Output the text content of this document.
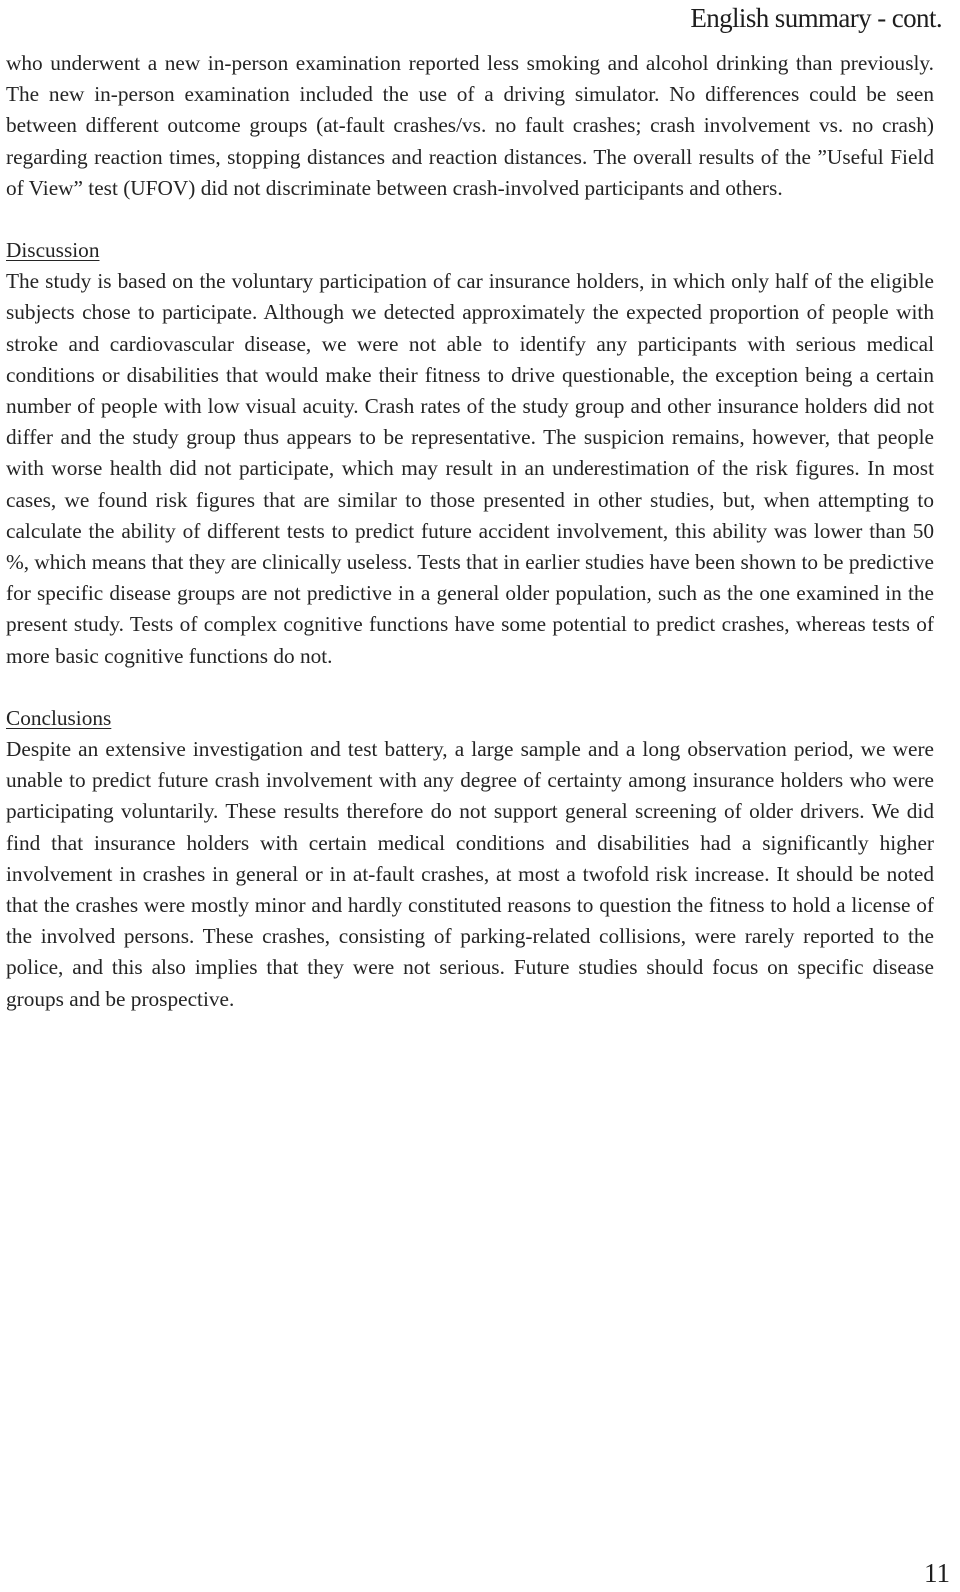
English summary - cont.

who underwent a new in-person examination reported less smoking and alcohol drinking than previously. The new in-person examination included the use of a driving simulator. No differences could be seen between different outcome groups (at-fault crashes/vs. no fault crashes; crash involvement vs. no crash) regarding reaction times, stopping distances and reaction distances. The overall results of the ”Useful Field of View” test (UFOV) did not discriminate between crash-involved participants and others.

Discussion

The study is based on the voluntary participation of car insurance holders, in which only half of the eligible subjects chose to participate. Although we detected approximately the expected proportion of people with stroke and cardiovascular disease, we were not able to identify any participants with serious medical conditions or disabilities that would make their fitness to drive questionable, the exception being a certain number of people with low visual acuity. Crash rates of the study group and other insurance holders did not differ and the study group thus appears to be representative. The suspicion remains, however, that people with worse health did not participate, which may result in an underestimation of the risk figures. In most cases, we found risk figures that are similar to those presented in other studies, but, when attempting to calculate the ability of different tests to predict future accident involvement, this ability was lower than 50 %, which means that they are clinically useless. Tests that in earlier studies have been shown to be predictive for specific disease groups are not predictive in a general older population, such as the one examined in the present study. Tests of complex cognitive functions have some potential to predict crashes, whereas tests of more basic cognitive functions do not.

Conclusions

Despite an extensive investigation and test battery, a large sample and a long observation period, we were unable to predict future crash involvement with any degree of certainty among insurance holders who were participating voluntarily. These results therefore do not support general screening of older drivers. We did find that insurance holders with certain medical conditions and disabilities had a significantly higher involvement in crashes in general or in at-fault crashes, at most a twofold risk increase. It should be noted that the crashes were mostly minor and hardly constituted reasons to question the fitness to hold a license of the involved persons. These crashes, consisting of parking-related collisions, were rarely reported to the police, and this also implies that they were not serious. Future studies should focus on specific disease groups and be prospective.

11
